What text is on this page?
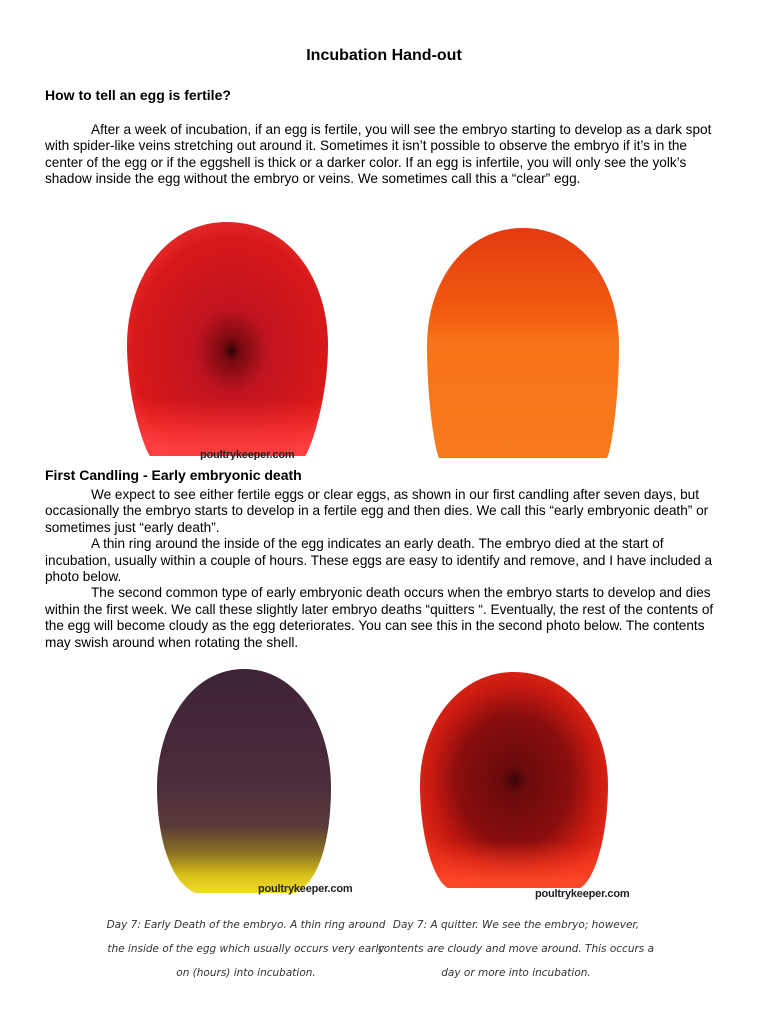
Incubation Hand-out
How to tell an egg is fertile?

After a week of incubation, if an egg is fertile, you will see the embryo starting to develop as a dark spot with spider-like veins stretching out around it. Sometimes it isn’t possible to observe the embryo if it’s in the center of the egg or if the eggshell is thick or a darker color. If an egg is infertile, you will only see the yolk’s shadow inside the egg without the embryo or veins. We sometimes call this a “clear” egg.

poultrykeeper.com
First Candling - Early embryonic death

We expect to see either fertile eggs or clear eggs, as shown in our first candling after seven days, but occasionally the embryo starts to develop in a fertile egg and then dies. We call this “early embryonic death” or sometimes just “early death”.

A thin ring around the inside of the egg indicates an early death. The embryo died at the start of incubation, usually within a couple of hours. These eggs are easy to identify and remove, and I have included a photo below.

The second common type of early embryonic death occurs when the embryo starts to develop and dies within the first week. We call these slightly later embryo deaths “quitters “. Eventually, the rest of the contents of the egg will become cloudy as the egg deteriorates. You can see this in the second photo below. The contents may swish around when rotating the shell.

poultrykeeper.com	poultrykeeper.com
Day 7: Early Death of the embryo. A thin ring around the inside of the egg which usually occurs very early on (hours) into incubation.
Day 7: A quitter. We see the embryo; however, contents are cloudy and move around. This occurs a day or more into incubation.
